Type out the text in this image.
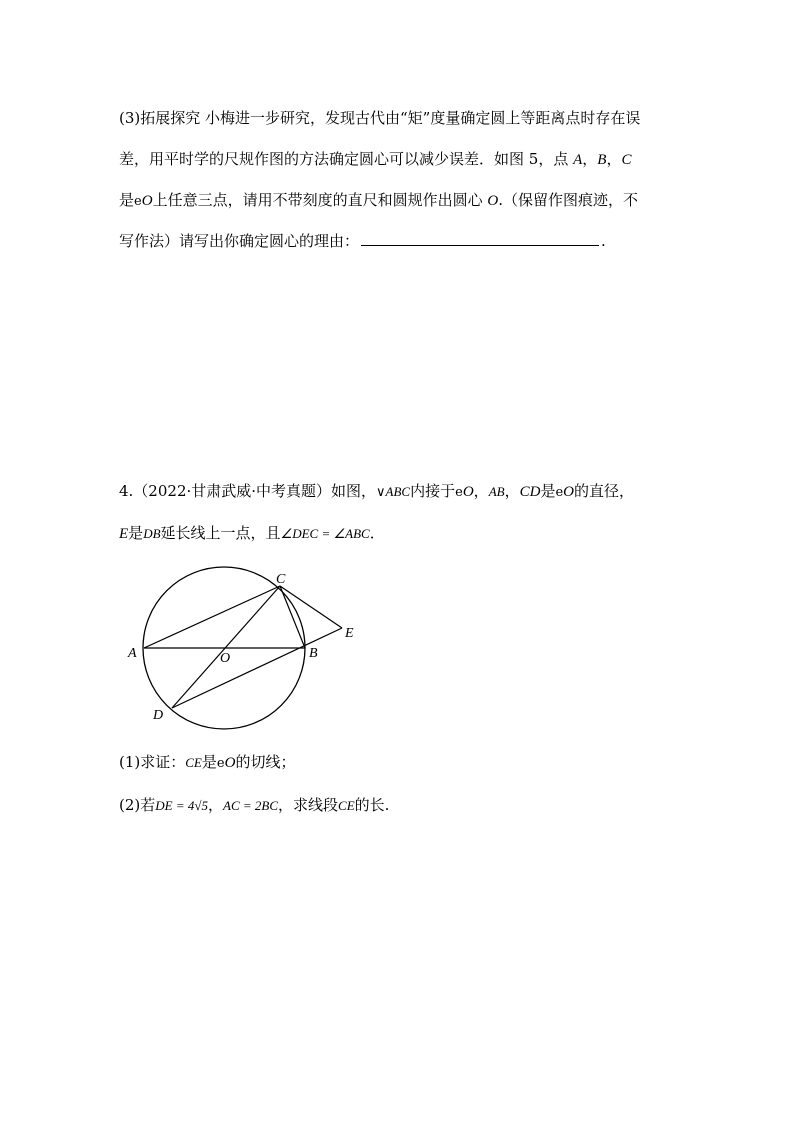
(3)拓展探究 小梅进一步研究，发现古代由“矩”度量确定圆上等距离点时存在误
差，用平时学的尺规作图的方法确定圆心可以减少误差．如图 5，点 A，B，C
是eO上任意三点，请用不带刻度的直尺和圆规作出圆心 O.（保留作图痕迹，不
写作法）请写出你确定圆心的理由：	.
4.（2022·甘肃武威·中考真题）如图，∨ABC内接于eO，AB，CD是eO的直径，
E是DB延长线上一点，且∠DEC = ∠ABC．
C
E
A	O	B
D
(1)求证：CE是eO的切线；
(2)若DE = 4√5，AC = 2BC，求线段CE的长.
